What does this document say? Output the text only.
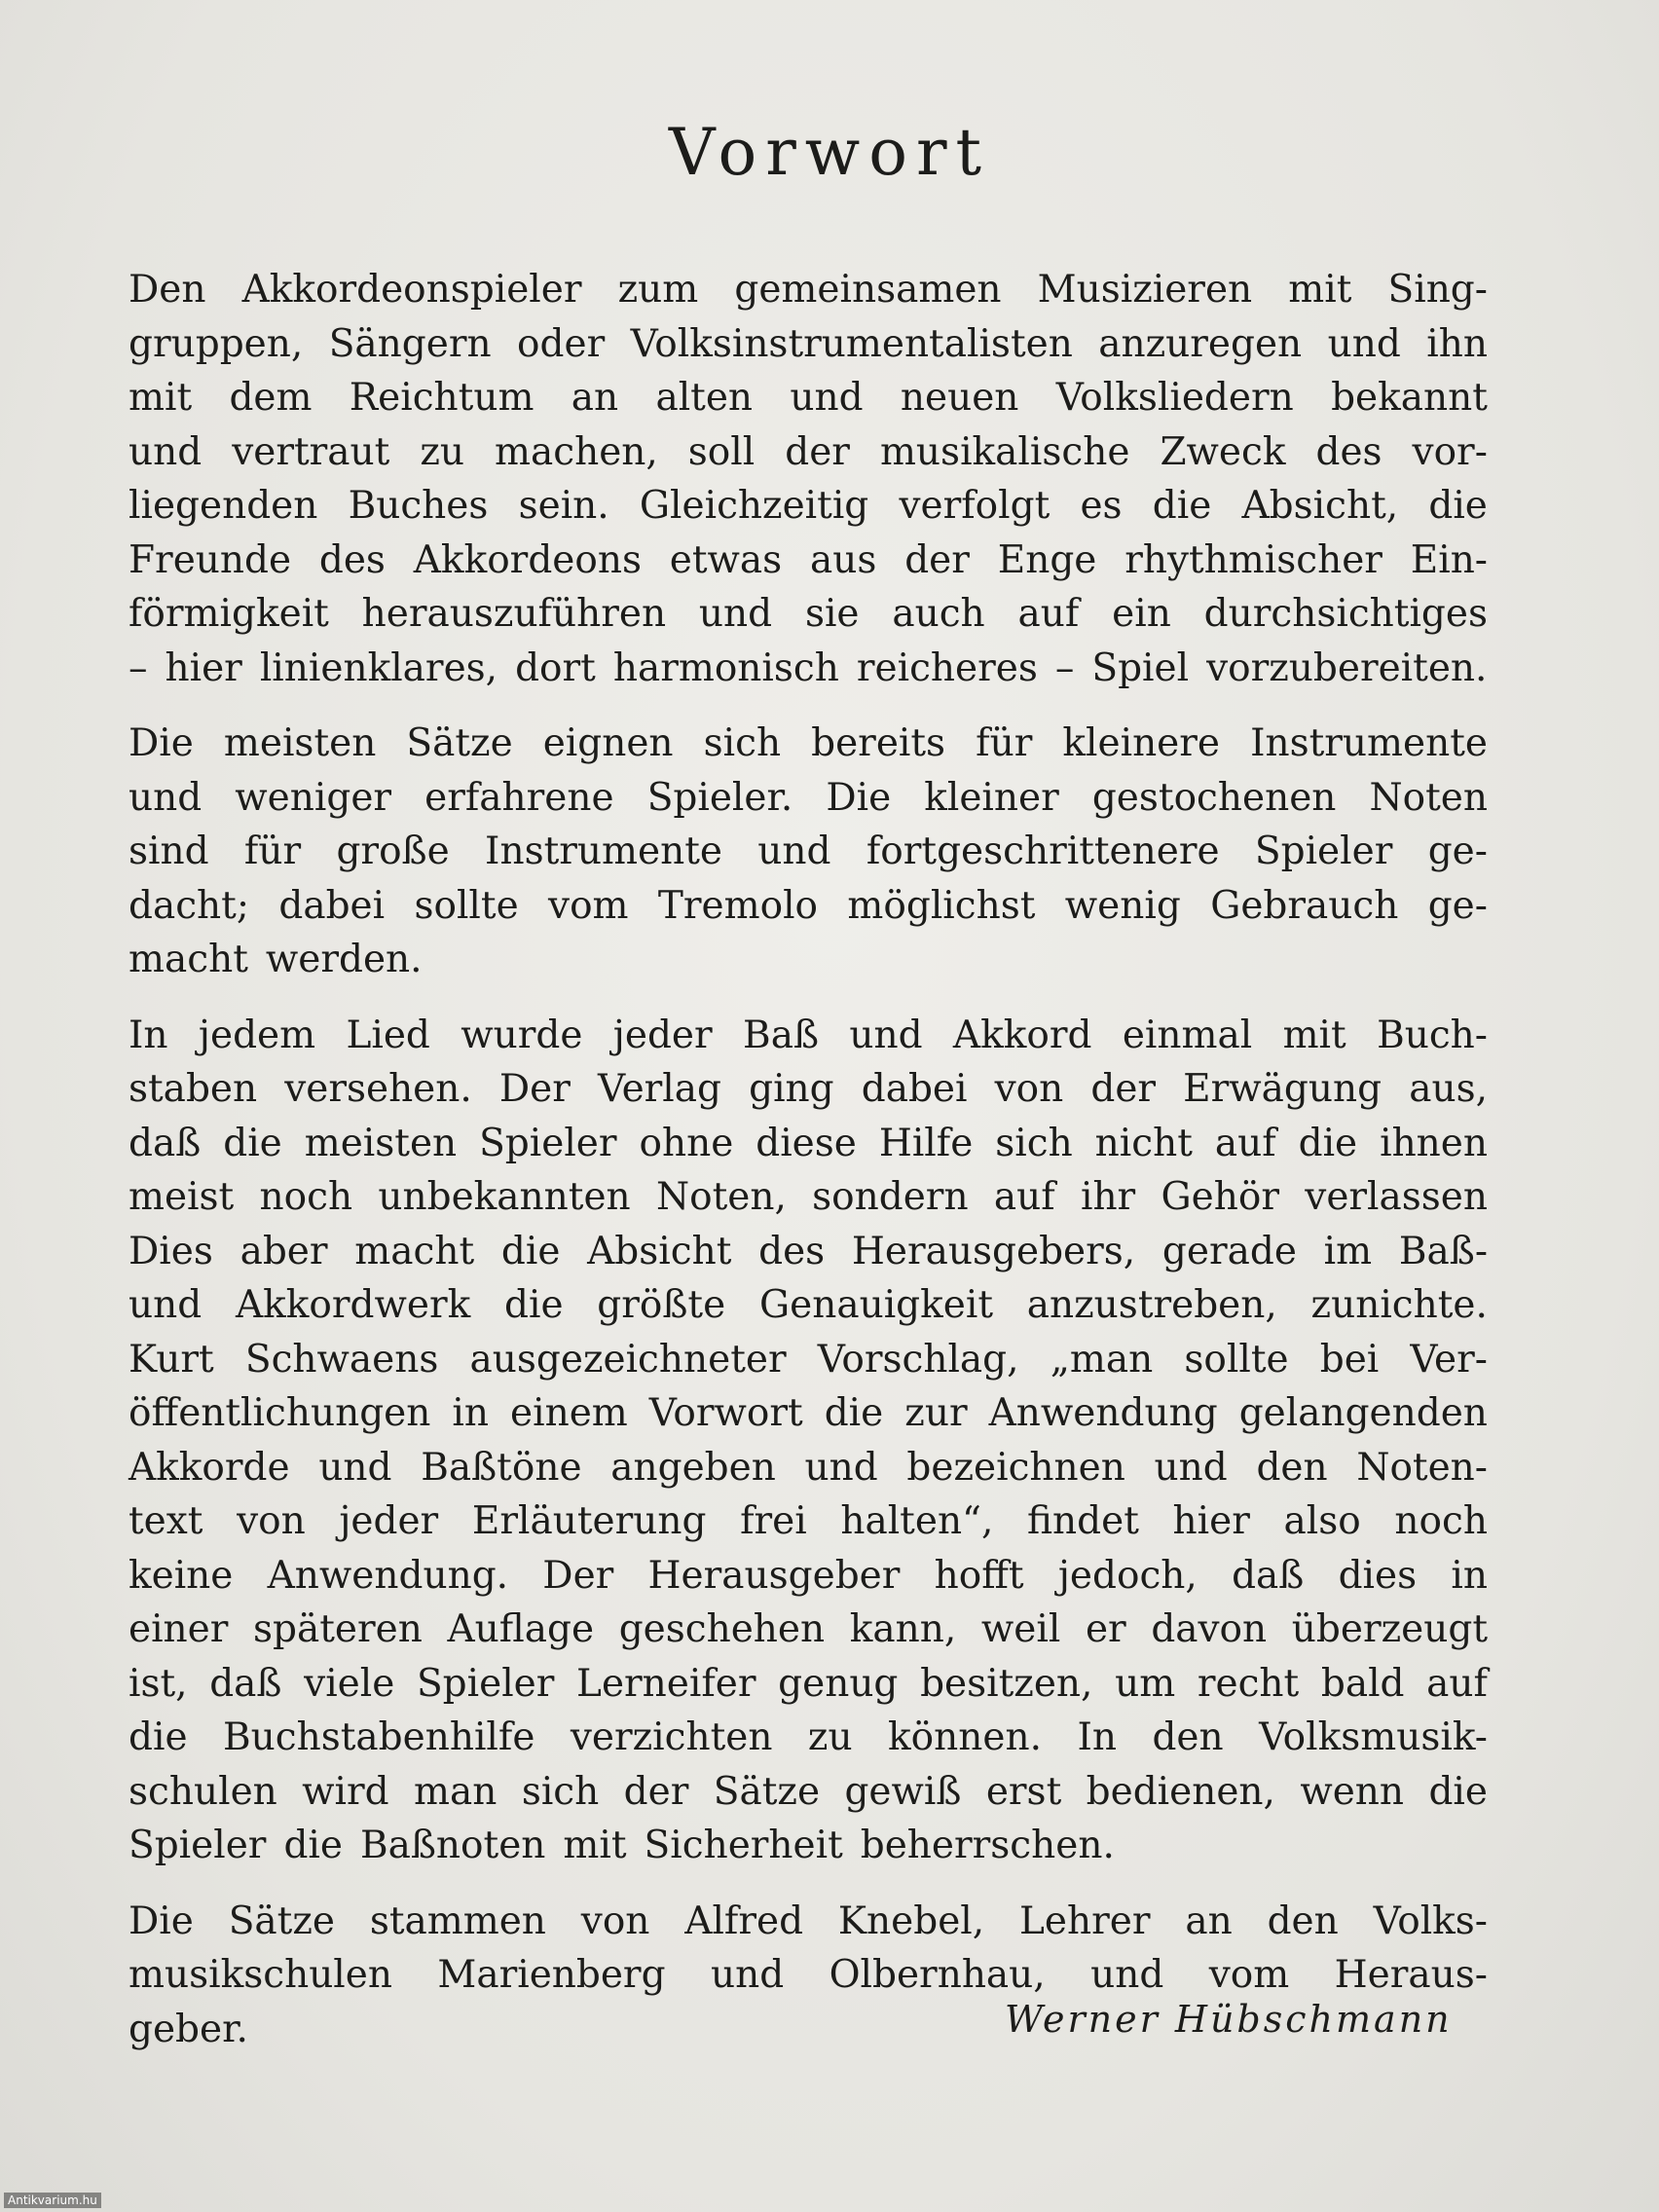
Vorwort
Den Akkordeonspieler zum gemeinsamen Musizieren mit Sing-
gruppen, Sängern oder Volksinstrumentalisten anzuregen und ihn
mit dem Reichtum an alten und neuen Volksliedern bekannt
und vertraut zu machen, soll der musikalische Zweck des vor-
liegenden Buches sein. Gleichzeitig verfolgt es die Absicht, die
Freunde des Akkordeons etwas aus der Enge rhythmischer Ein-
förmigkeit herauszuführen und sie auch auf ein durchsichtiges
– hier linienklares, dort harmonisch reicheres – Spiel vorzubereiten.
Die meisten Sätze eignen sich bereits für kleinere Instrumente
und weniger erfahrene Spieler. Die kleiner gestochenen Noten
sind für große Instrumente und fortgeschrittenere Spieler ge-
dacht; dabei sollte vom Tremolo möglichst wenig Gebrauch ge-
macht werden.
In jedem Lied wurde jeder Baß und Akkord einmal mit Buch-
staben versehen. Der Verlag ging dabei von der Erwägung aus,
daß die meisten Spieler ohne diese Hilfe sich nicht auf die ihnen
meist noch unbekannten Noten, sondern auf ihr Gehör verlassen
Dies aber macht die Absicht des Herausgebers, gerade im Baß-
und Akkordwerk die größte Genauigkeit anzustreben, zunichte.
Kurt Schwaens ausgezeichneter Vorschlag, „man sollte bei Ver-
öffentlichungen in einem Vorwort die zur Anwendung gelangenden
Akkorde und Baßtöne angeben und bezeichnen und den Noten-
text von jeder Erläuterung frei halten“, findet hier also noch
keine Anwendung. Der Herausgeber hofft jedoch, daß dies in
einer späteren Auflage geschehen kann, weil er davon überzeugt
ist, daß viele Spieler Lerneifer genug besitzen, um recht bald auf
die Buchstabenhilfe verzichten zu können. In den Volksmusik-
schulen wird man sich der Sätze gewiß erst bedienen, wenn die
Spieler die Baßnoten mit Sicherheit beherrschen.
Die Sätze stammen von Alfred Knebel, Lehrer an den Volks-
musikschulen Marienberg und Olbernhau, und vom Heraus-
geber.	Werner Hübschmann
Antikvarium.hu
